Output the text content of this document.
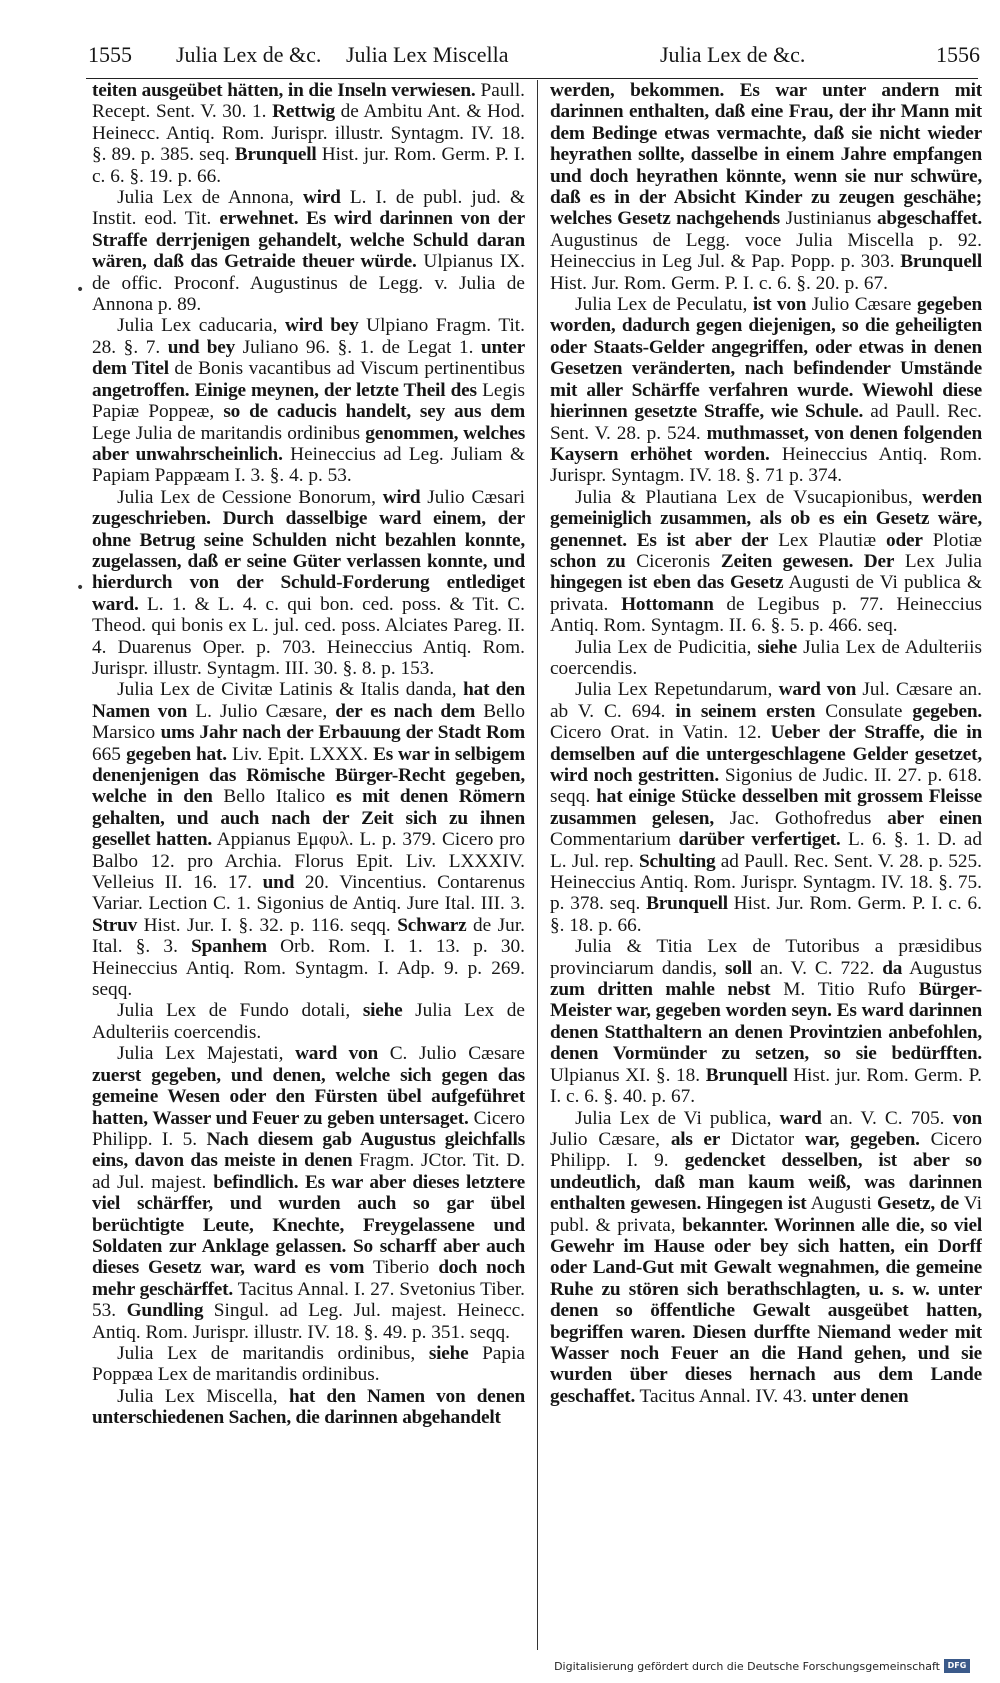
1555 Julia Lex de &c. Julia Lex Miscella	Julia Lex de &c.	1556
•
•

teiten ausgeübet hätten, in die Inseln verwiesen. Paull. Recept. Sent. V. 30. 1. Rettwig de Ambitu Ant. & Hod. Heinecc. Antiq. Rom. Jurispr. illustr. Syntagm. IV. 18. §. 89. p. 385. seq. Brunquell Hist. jur. Rom. Germ. P. I. c. 6. §. 19. p. 66.

Julia Lex de Annona, wird L. I. de publ. jud. & Instit. eod. Tit. erwehnet. Es wird darinnen von der Straffe derrjenigen gehandelt, welche Schuld daran wären, daß das Getraide theuer würde. Ulpianus IX. de offic. Proconf. Augustinus de Legg. v. Julia de Annona p. 89.

Julia Lex caducaria, wird bey Ulpiano Fragm. Tit. 28. §. 7. und bey Juliano 96. §. 1. de Legat 1. unter dem Titel de Bonis vacantibus ad Viscum pertinentibus angetroffen. Einige meynen, der letzte Theil des Legis Papiæ Poppeæ, so de caducis handelt, sey aus dem Lege Julia de maritandis ordinibus genommen, welches aber unwahrscheinlich. Heineccius ad Leg. Juliam & Papiam Pappæam I. 3. §. 4. p. 53.

Julia Lex de Cessione Bonorum, wird Julio Cæsari zugeschrieben. Durch dasselbige ward einem, der ohne Betrug seine Schulden nicht bezahlen konnte, zugelassen, daß er seine Güter verlassen konnte, und hierdurch von der Schuld-Forderung entlediget ward. L. 1. & L. 4. c. qui bon. ced. poss. & Tit. C. Theod. qui bonis ex L. jul. ced. poss. Alciates Pareg. II. 4. Duarenus Oper. p. 703. Heineccius Antiq. Rom. Jurispr. illustr. Syntagm. III. 30. §. 8. p. 153.

Julia Lex de Civitæ Latinis & Italis danda, hat den Namen von L. Julio Cæsare, der es nach dem Bello Marsico ums Jahr nach der Erbauung der Stadt Rom 665 gegeben hat. Liv. Epit. LXXX. Es war in selbigem denenjenigen das Römische Bürger-Recht gegeben, welche in den Bello Italico es mit denen Römern gehalten, und auch nach der Zeit sich zu ihnen gesellet hatten. Appianus Εμφυλ. L. p. 379. Cicero pro Balbo 12. pro Archia. Florus Epit. Liv. LXXXIV. Velleius II. 16. 17. und 20. Vincentius. Contarenus Variar. Lection C. 1. Sigonius de Antiq. Jure Ital. III. 3. Struv Hist. Jur. I. §. 32. p. 116. seqq. Schwarz de Jur. Ital. §. 3. Spanhem Orb. Rom. I. 1. 13. p. 30. Heineccius Antiq. Rom. Syntagm. I. Adp. 9. p. 269. seqq.

Julia Lex de Fundo dotali, siehe Julia Lex de Adulteriis coercendis.

Julia Lex Majestati, ward von C. Julio Cæsare zuerst gegeben, und denen, welche sich gegen das gemeine Wesen oder den Fürsten übel aufgeführet hatten, Wasser und Feuer zu geben untersaget. Cicero Philipp. I. 5. Nach diesem gab Augustus gleichfalls eins, davon das meiste in denen Fragm. JCtor. Tit. D. ad Jul. majest. befindlich. Es war aber dieses letztere viel schärffer, und wurden auch so gar übel berüchtigte Leute, Knechte, Freygelassene und Soldaten zur Anklage gelassen. So scharff aber auch dieses Gesetz war, ward es vom Tiberio doch noch mehr geschärffet. Tacitus Annal. I. 27. Svetonius Tiber. 53. Gundling Singul. ad Leg. Jul. majest. Heinecc. Antiq. Rom. Jurispr. illustr. IV. 18. §. 49. p. 351. seqq.

Julia Lex de maritandis ordinibus, siehe Papia Poppæa Lex de maritandis ordinibus.

Julia Lex Miscella, hat den Namen von denen unterschiedenen Sachen, die darinnen abgehandelt

werden, bekommen. Es war unter andern mit darinnen enthalten, daß eine Frau, der ihr Mann mit dem Bedinge etwas vermachte, daß sie nicht wieder heyrathen sollte, dasselbe in einem Jahre empfangen und doch heyrathen könnte, wenn sie nur schwüre, daß es in der Absicht Kinder zu zeugen geschähe; welches Gesetz nachgehends Justinianus abgeschaffet. Augustinus de Legg. voce Julia Miscella p. 92. Heineccius in Leg Jul. & Pap. Popp. p. 303. Brunquell Hist. Jur. Rom. Germ. P. I. c. 6. §. 20. p. 67.

Julia Lex de Peculatu, ist von Julio Cæsare gegeben worden, dadurch gegen diejenigen, so die geheiligten oder Staats-Gelder angegriffen, oder etwas in denen Gesetzen veränderten, nach befindender Umstände mit aller Schärffe verfahren wurde. Wiewohl diese hierinnen gesetzte Straffe, wie Schule. ad Paull. Rec. Sent. V. 28. p. 524. muthmasset, von denen folgenden Kaysern erhöhet worden. Heineccius Antiq. Rom. Jurispr. Syntagm. IV. 18. §. 71 p. 374.

Julia & Plautiana Lex de Vsucapionibus, werden gemeiniglich zusammen, als ob es ein Gesetz wäre, genennet. Es ist aber der Lex Plautiæ oder Plotiæ schon zu Ciceronis Zeiten gewesen. Der Lex Julia hingegen ist eben das Gesetz Augusti de Vi publica & privata. Hottomann de Legibus p. 77. Heineccius Antiq. Rom. Syntagm. II. 6. §. 5. p. 466. seq.

Julia Lex de Pudicitia, siehe Julia Lex de Adulteriis coercendis.

Julia Lex Repetundarum, ward von Jul. Cæsare an. ab V. C. 694. in seinem ersten Consulate gegeben. Cicero Orat. in Vatin. 12. Ueber der Straffe, die in demselben auf die untergeschlagene Gelder gesetzet, wird noch gestritten. Sigonius de Judic. II. 27. p. 618. seqq. hat einige Stücke desselben mit grossem Fleisse zusammen gelesen, Jac. Gothofredus aber einen Commentarium darüber verfertiget. L. 6. §. 1. D. ad L. Jul. rep. Schulting ad Paull. Rec. Sent. V. 28. p. 525. Heineccius Antiq. Rom. Jurispr. Syntagm. IV. 18. §. 75. p. 378. seq. Brunquell Hist. Jur. Rom. Germ. P. I. c. 6. §. 18. p. 66.

Julia & Titia Lex de Tutoribus a præsidibus provinciarum dandis, soll an. V. C. 722. da Augustus zum dritten mahle nebst M. Titio Rufo Bürger-Meister war, gegeben worden seyn. Es ward darinnen denen Statthaltern an denen Provintzien anbefohlen, denen Vormünder zu setzen, so sie bedürfften. Ulpianus XI. §. 18. Brunquell Hist. jur. Rom. Germ. P. I. c. 6. §. 40. p. 67.

Julia Lex de Vi publica, ward an. V. C. 705. von Julio Cæsare, als er Dictator war, gegeben. Cicero Philipp. I. 9. gedencket desselben, ist aber so undeutlich, daß man kaum weiß, was darinnen enthalten gewesen. Hingegen ist Augusti Gesetz, de Vi publ. & privata, bekannter. Worinnen alle die, so viel Gewehr im Hause oder bey sich hatten, ein Dorff oder Land-Gut mit Gewalt wegnahmen, die gemeine Ruhe zu stören sich berathschlagten, u. s. w. unter denen so öffentliche Gewalt ausgeübet hatten, begriffen waren. Diesen durffte Niemand weder mit Wasser noch Feuer an die Hand gehen, und sie wurden über dieses hernach aus dem Lande geschaffet. Tacitus Annal. IV. 43. unter denen

Digitalisierung gefördert durch die Deutsche Forschungsgemeinschaft DFG
